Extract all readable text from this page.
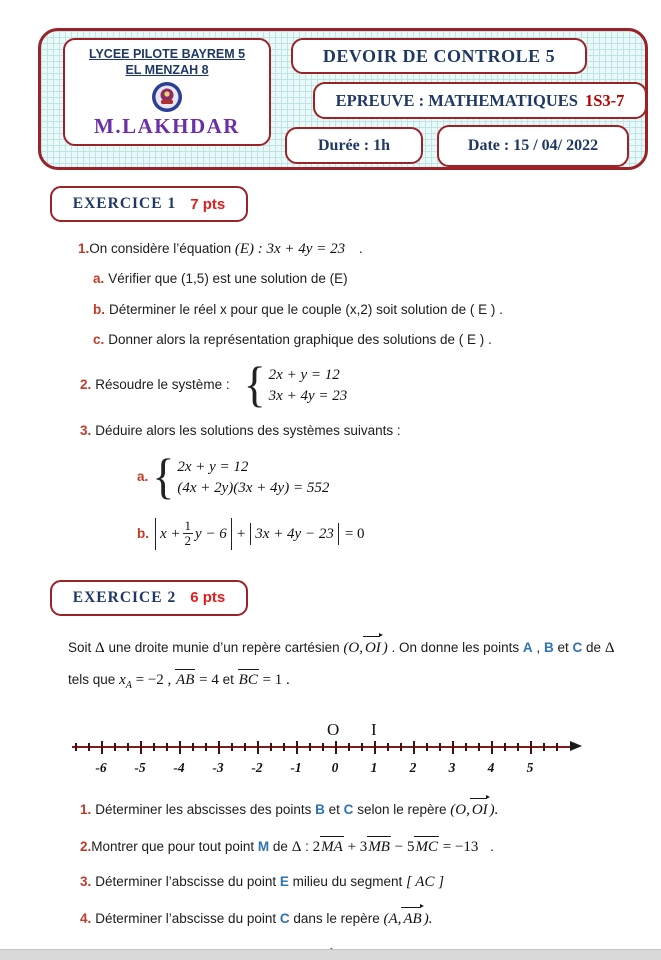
LYCEE PILOTE BAYREM 5
EL MENZAH 8
M.LAKHDAR
DEVOIR DE CONTROLE 5
EPREUVE : MATHEMATIQUES 1S3-7
Durée : 1h	Date : 15 / 04/ 2022
EXERCICE 1 7 pts
1.On considère l’équation (E) : 3x + 4y = 23 .
a. Vérifier que (1,5) est une solution de (E)
b. Déterminer le réel x pour que le couple (x,2) soit solution de ( E ) .
c. Donner alors la représentation graphique des solutions de ( E ) .
2. Résoudre le système : { 2x + y = 12
3x + 4y = 23
3. Déduire alors les solutions des systèmes suivants :
a. { 2x + y = 12
(4x + 2y)(3x + 4y) = 552
b. $x + \frac{1}{2}$ y − 6 + 3x + 4y − 23 = 0
EXERCICE 2 6 pts
Soit Δ une droite munie d’un repère cartésien (O, OI ) . On donne les points A , B et C de Δ
tels que $x_A = -2$ , AB = 4 et BC = 1 .
O I
-6	-5	-4	-3	-2	-1	0	1	2	3	4	5
1. Déterminer les abscisses des points B et C selon le repère (O, OI ).
2.Montrer que pour tout point M de Δ : 2MA + 3MB − 5MC = −13 .
3. Déterminer l’abscisse du point E milieu du segment [ AC ]
4. Déterminer l’abscisse du point C dans le repère (A, AB ).
